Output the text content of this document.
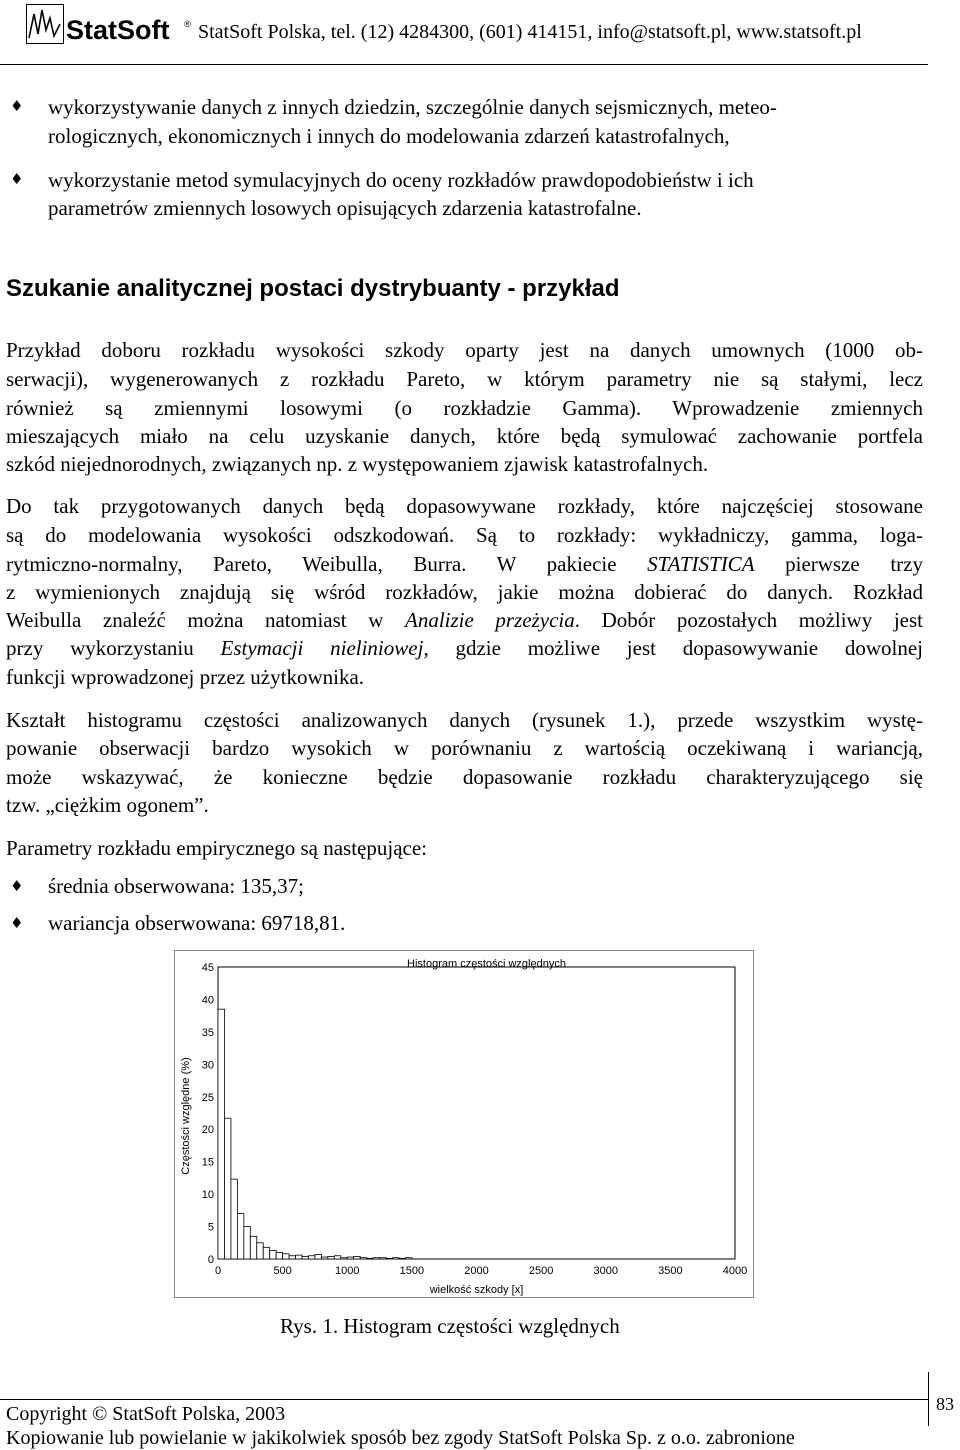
StatSoft ® StatSoft Polska, tel. (12) 4284300, (601) 414151, info@statsoft.pl, www.statsoft.pl
♦ wykorzystywanie danych z innych dziedzin, szczególnie danych sejsmicznych, meteo-
rologicznych, ekonomicznych i innych do modelowania zdarzeń katastrofalnych,
♦ wykorzystanie metod symulacyjnych do oceny rozkładów prawdopodobieństw i ich
parametrów zmiennych losowych opisujących zdarzenia katastrofalne.
Szukanie analitycznej postaci dystrybuanty - przykład
Przykład doboru rozkładu wysokości szkody oparty jest na danych umownych (1000 ob-
serwacji), wygenerowanych z rozkładu Pareto, w którym parametry nie są stałymi, lecz
również są zmiennymi losowymi (o rozkładzie Gamma). Wprowadzenie zmiennych
mieszających miało na celu uzyskanie danych, które będą symulować zachowanie portfela
szkód niejednorodnych, związanych np. z występowaniem zjawisk katastrofalnych.
Do tak przygotowanych danych będą dopasowywane rozkłady, które najczęściej stosowane
są do modelowania wysokości odszkodowań. Są to rozkłady: wykładniczy, gamma, loga-
rytmiczno-normalny, Pareto, Weibulla, Burra. W pakiecie STATISTICA pierwsze trzy
z wymienionych znajdują się wśród rozkładów, jakie można dobierać do danych. Rozkład
Weibulla znaleźć można natomiast w Analizie przeżycia. Dobór pozostałych możliwy jest
przy wykorzystaniu Estymacji nieliniowej, gdzie możliwe jest dopasowywanie dowolnej
funkcji wprowadzonej przez użytkownika.
Kształt histogramu częstości analizowanych danych (rysunek 1.), przede wszystkim wystę-
powanie obserwacji bardzo wysokich w porównaniu z wartością oczekiwaną i wariancją,
może wskazywać, że konieczne będzie dopasowanie rozkładu charakteryzującego się
tzw. „ciężkim ogonem”.
Parametry rozkładu empirycznego są następujące:
♦ średnia obserwowana: 135,37;
♦ wariancja obserwowana: 69718,81.
Histogram częstości względnych
0
5
10
15
20
25
30
35
40
45
0	500	1000	1500	2000	2500	3000	3500	4000
wielkość szkody [x]
Częstości względne (%)
Rys. 1. Histogram częstości względnych
Copyright © StatSoft Polska, 2003
Kopiowanie lub powielanie w jakikolwiek sposób bez zgody StatSoft Polska Sp. z o.o. zabronione
83
